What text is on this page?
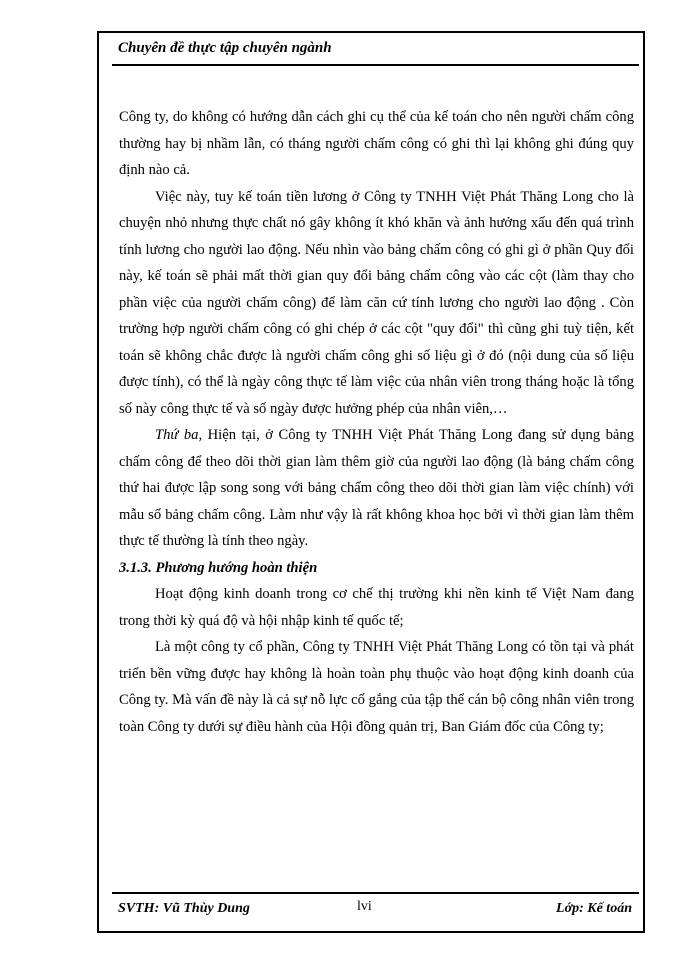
Chuyên đề thực tập chuyên ngành

Công ty, do không có hướng dẫn cách ghi cụ thể của kế toán cho nên người chấm công thường hay bị nhầm lẫn, có tháng người chấm công có ghi thì lại không ghi đúng quy định nào cả.

Việc này, tuy kế toán tiền lương ở Công ty TNHH Việt Phát Thăng Long cho là chuyện nhỏ nhưng thực chất nó gây không ít khó khăn và ảnh hưởng xấu đến quá trình tính lương cho người lao động. Nếu nhìn vào bảng chấm công có ghi gì ở phần Quy đổi này, kế toán sẽ phải mất thời gian quy đổi bảng chấm công vào các cột (làm thay cho phần việc của người chấm công) để làm căn cứ tính lương cho người lao động . Còn trường hợp người chấm công có ghi chép ở các cột "quy đổi" thì cũng ghi tuỳ tiện, kết toán sẽ không chắc được là người chấm công ghi số liệu gì ở đó (nội dung của số liệu được tính), có thể là ngày công thực tế làm việc của nhân viên trong tháng hoặc là tổng số này công thực tế và số ngày được hưởng phép của nhân viên,…

Thứ ba, Hiện tại, ở Công ty TNHH Việt Phát Thăng Long đang sử dụng bảng chấm công để theo dõi thời gian làm thêm giờ của người lao động (là bảng chấm công thứ hai được lập song song với bảng chấm công theo dõi thời gian làm việc chính) với mẫu số bảng chấm công. Làm như vậy là rất không khoa học bởi vì thời gian làm thêm thực tế thường là tính theo ngày.

3.1.3. Phương hướng hoàn thiện

Hoạt động kinh doanh trong cơ chế thị trường khi nền kinh tế Việt Nam đang trong thời kỳ quá độ và hội nhập kinh tế quốc tế;

Là một công ty cổ phần, Công ty TNHH Việt Phát Thăng Long có tồn tại và phát triển bền vững được hay không là hoàn toàn phụ thuộc vào hoạt động kinh doanh của Công ty. Mà vấn đề này là cả sự nỗ lực cố gắng của tập thể cán bộ công nhân viên trong toàn Công ty dưới sự điều hành của Hội đồng quản trị, Ban Giám đốc của Công ty;

SVTH: Vũ Thùy Dung	lvi	Lớp: Kế toán
